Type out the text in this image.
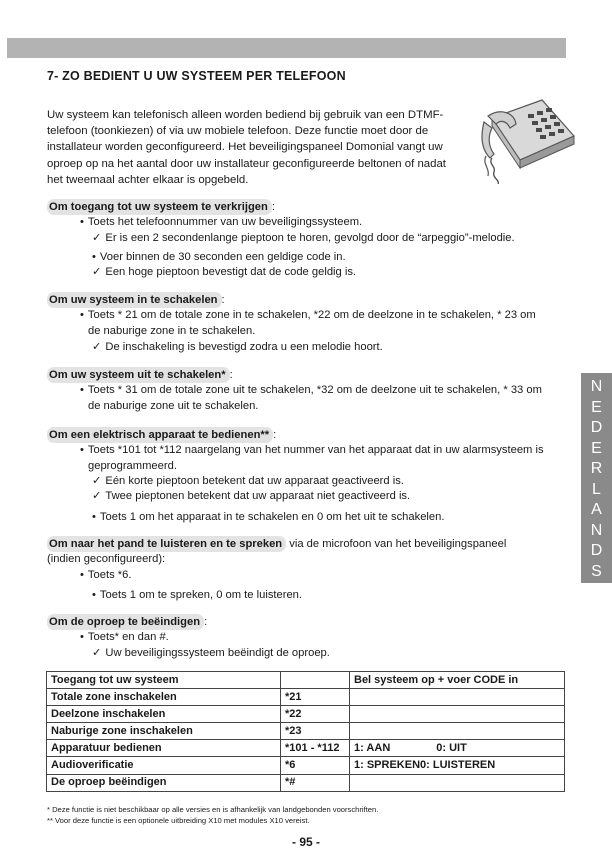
7- ZO BEDIENT U UW SYSTEEM PER TELEFOON
Uw systeem kan telefonisch alleen worden bediend bij gebruik van een DTMF-
telefoon (toonkiezen) of via uw mobiele telefoon. Deze functie moet door de
installateur worden geconfigureerd. Het beveiligingspaneel Domonial vangt uw
oproep op na het aantal door uw installateur geconfigureerde beltonen of nadat
het tweemaal achter elkaar is opgebeld.
Om toegang tot uw systeem te verkrijgen :
• Toets het telefoonnummer van uw beveiligingssysteem.
✓ Er is een 2 secondenlange pieptoon te horen, gevolgd door de “arpeggio”-melodie.
• Voer binnen de 30 seconden een geldige code in.
✓ Een hoge pieptoon bevestigt dat de code geldig is.
Om uw systeem in te schakelen :
• Toets * 21 om de totale zone in te schakelen, *22 om de deelzone in te schakelen, * 23 om
de naburige zone in te schakelen.
✓ De inschakeling is bevestigd zodra u een melodie hoort.
Om uw systeem uit te schakelen* :
• Toets * 31 om de totale zone uit te schakelen, *32 om de deelzone uit te schakelen, * 33 om
de naburige zone uit te schakelen.
Om een elektrisch apparaat te bedienen** :
• Toets *101 tot *112 naargelang van het nummer van het apparaat dat in uw alarmsysteem is
geprogrammeerd.
✓ Eén korte pieptoon betekent dat uw apparaat geactiveerd is.
✓ Twee pieptonen betekent dat uw apparaat niet geactiveerd is.
• Toets 1 om het apparaat in te schakelen en 0 om het uit te schakelen.
Om naar het pand te luisteren en te spreken via de microfoon van het beveiligingspaneel
(indien geconfigureerd):
• Toets *6.
• Toets 1 om te spreken, 0 om te luisteren.
Om de oproep te beëindigen :
• Toets* en dan #.
✓ Uw beveiligingssysteem beëindigt de oproep.
N
E
D
E
R
L
A
N
D
S
Toegang tot uw systeem		Bel systeem op + voer CODE in
Totale zone inschakelen	*21	
Deelzone inschakelen	*22	
Naburige zone inschakelen	*23	
Apparatuur bedienen	*101 - *112	1: AAN 0: UIT
Audioverificatie	*6	1: SPREKEN0: LUISTEREN
De oproep beëindigen	*#	
* Deze functie is niet beschikbaar op alle versies en is afhankelijk van landgebonden voorschriften.
** Voor deze functie is een optionele uitbreiding X10 met modules X10 vereist.
- 95 -
